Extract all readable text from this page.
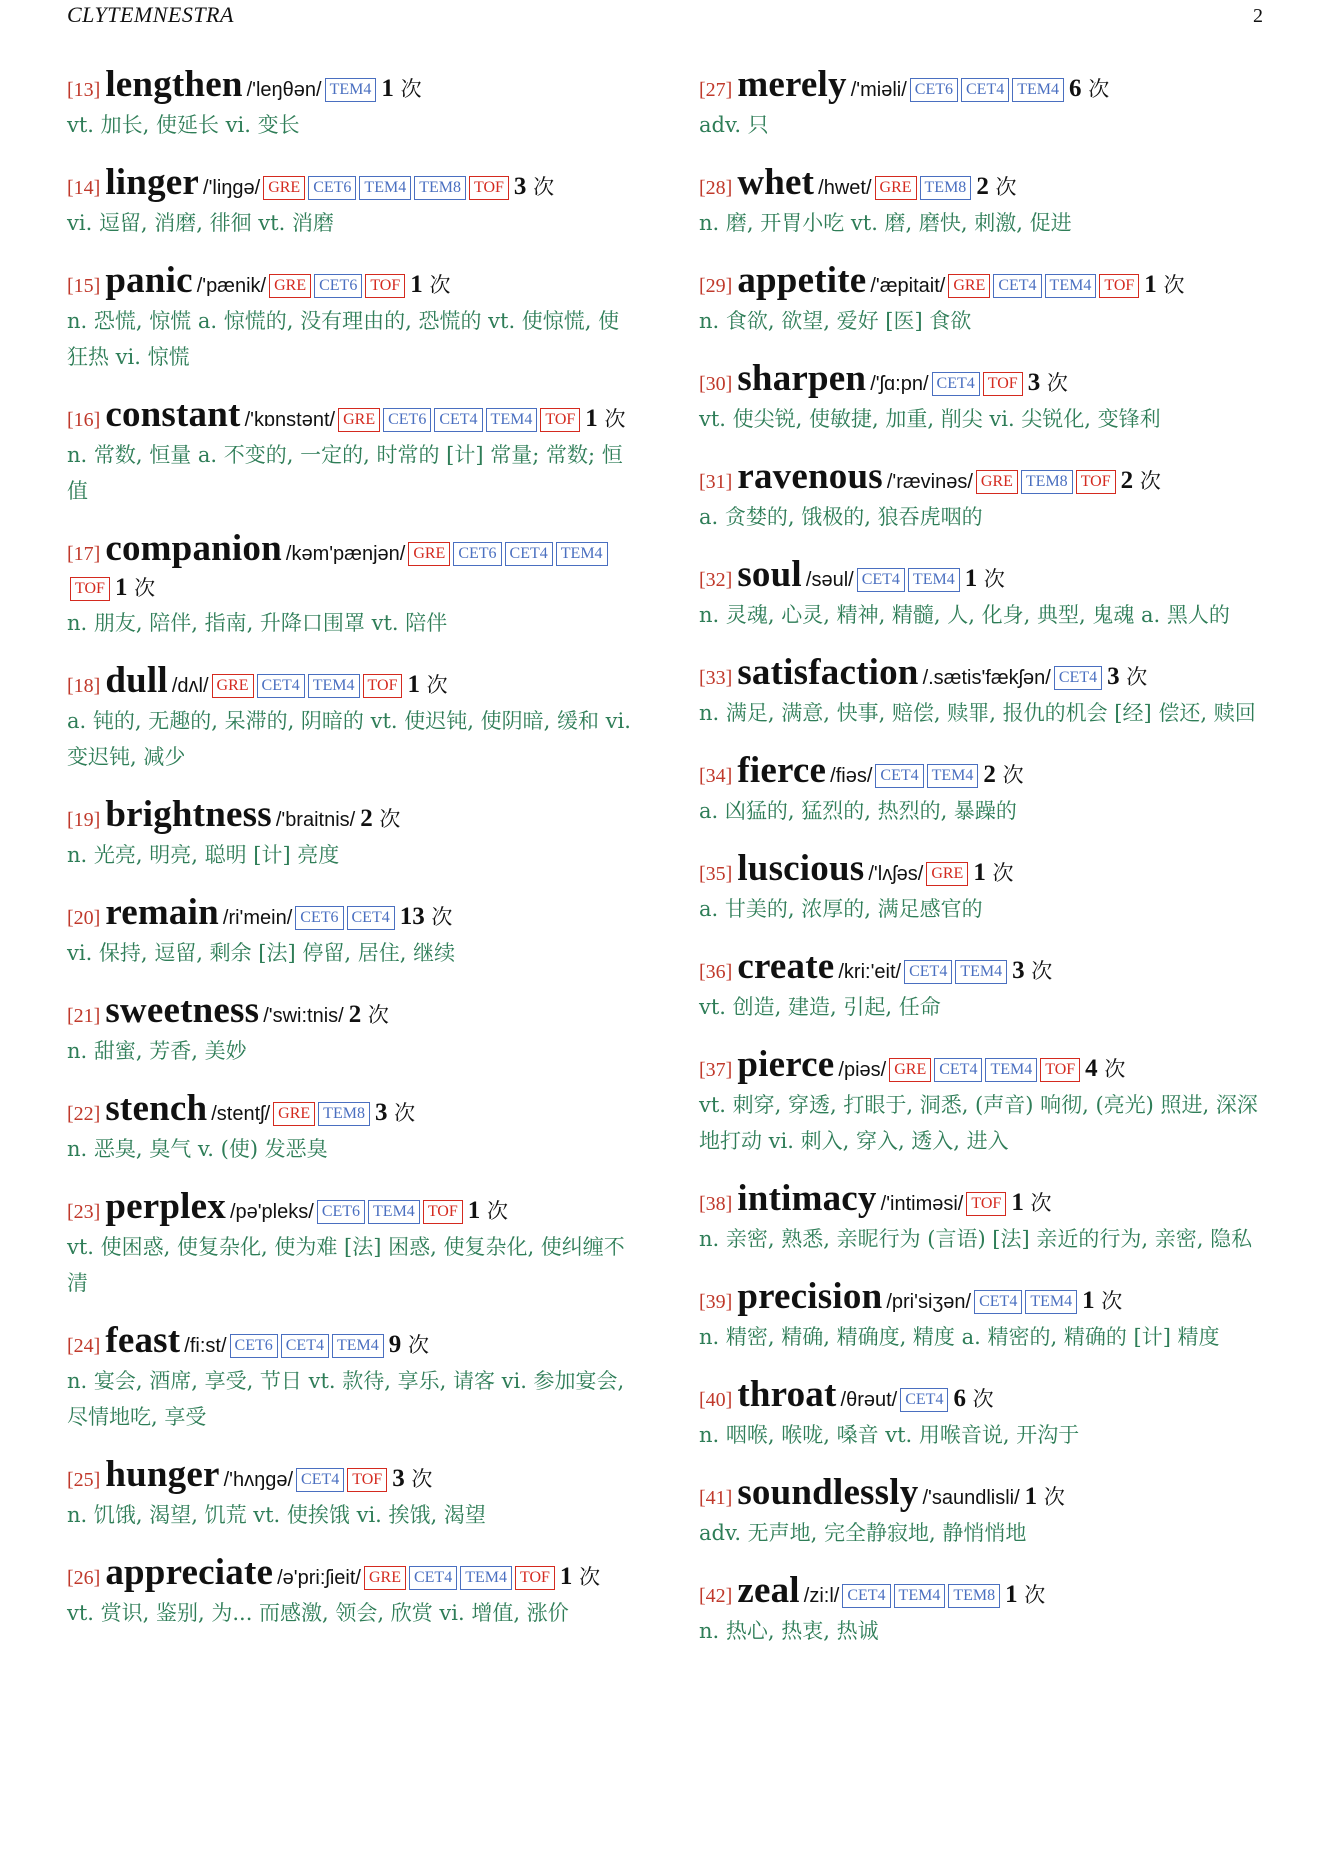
CLYTEMNESTRA	2
[13] lengthen /'leŋθən/ TEM4 1 次
vt. 加长, 使延长 vi. 变长
[14] linger /'liŋgə/ GRE CET6 TEM4 TEM8 TOF 3 次
vi. 逗留, 消磨, 徘徊 vt. 消磨
[15] panic /'pænik/ GRE CET6 TOF 1 次
n. 恐慌, 惊慌 a. 惊慌的, 没有理由的, 恐慌的 vt. 使惊慌, 使狂热 vi. 惊慌
[16] constant /'kɒnstənt/ GRE CET6 CET4 TEM4 TOF 1 次
n. 常数, 恒量 a. 不变的, 一定的, 时常的 [计] 常量; 常数; 恒值
[17] companion /kəm'pænjən/ GRE CET6 CET4 TEM4TOF 1 次
n. 朋友, 陪伴, 指南, 升降口围罩 vt. 陪伴
[18] dull /dʌl/ GRE CET4 TEM4 TOF 1 次
a. 钝的, 无趣的, 呆滞的, 阴暗的 vt. 使迟钝, 使阴暗, 缓和 vi. 变迟钝, 减少
[19] brightness /'braitnis/ 2 次
n. 光亮, 明亮, 聪明 [计] 亮度
[20] remain /ri'mein/ CET6 CET4 13 次
vi. 保持, 逗留, 剩余 [法] 停留, 居住, 继续
[21] sweetness /'swi:tnis/ 2 次
n. 甜蜜, 芳香, 美妙
[22] stench /stentʃ/ GRE TEM8 3 次
n. 恶臭, 臭气 v. (使) 发恶臭
[23] perplex /pə'pleks/ CET6 TEM4 TOF 1 次
vt. 使困惑, 使复杂化, 使为难 [法] 困惑, 使复杂化, 使纠缠不清
[24] feast /fi:st/ CET6 CET4 TEM4 9 次
n. 宴会, 酒席, 享受, 节日 vt. 款待, 享乐, 请客 vi. 参加宴会, 尽情地吃, 享受
[25] hunger /'hʌŋgə/ CET4 TOF 3 次
n. 饥饿, 渴望, 饥荒 vt. 使挨饿 vi. 挨饿, 渴望
[26] appreciate /ə'pri:ʃieit/ GRE CET4 TEM4 TOF 1 次
vt. 赏识, 鉴别, 为... 而感激, 领会, 欣赏 vi. 增值, 涨价
[27] merely /'miəli/ CET6 CET4 TEM4 6 次
adv. 只
[28] whet /hwet/ GRE TEM8 2 次
n. 磨, 开胃小吃 vt. 磨, 磨快, 刺激, 促进
[29] appetite /'æpitait/ GRE CET4 TEM4 TOF 1 次
n. 食欲, 欲望, 爱好 [医] 食欲
[30] sharpen /'ʃɑ:pn/ CET4 TOF 3 次
vt. 使尖锐, 使敏捷, 加重, 削尖 vi. 尖锐化, 变锋利
[31] ravenous /'rævinəs/ GRE TEM8 TOF 2 次
a. 贪婪的, 饿极的, 狼吞虎咽的
[32] soul /səul/ CET4 TEM4 1 次
n. 灵魂, 心灵, 精神, 精髓, 人, 化身, 典型, 鬼魂 a. 黑人的
[33] satisfaction /.sætis'fækʃən/ CET4 3 次
n. 满足, 满意, 快事, 赔偿, 赎罪, 报仇的机会 [经] 偿还, 赎回
[34] fierce /fiəs/ CET4 TEM4 2 次
a. 凶猛的, 猛烈的, 热烈的, 暴躁的
[35] luscious /'lʌʃəs/ GRE 1 次
a. 甘美的, 浓厚的, 满足感官的
[36] create /kri:'eit/ CET4 TEM4 3 次
vt. 创造, 建造, 引起, 任命
[37] pierce /piəs/ GRE CET4 TEM4 TOF 4 次
vt. 刺穿, 穿透, 打眼于, 洞悉, (声音) 响彻, (亮光) 照进, 深深地打动 vi. 刺入, 穿入, 透入, 进入
[38] intimacy /'intiməsi/ TOF 1 次
n. 亲密, 熟悉, 亲昵行为 (言语) [法] 亲近的行为, 亲密, 隐私
[39] precision /pri'siʒən/ CET4 TEM4 1 次
n. 精密, 精确, 精确度, 精度 a. 精密的, 精确的 [计] 精度
[40] throat /θrəut/ CET4 6 次
n. 咽喉, 喉咙, 嗓音 vt. 用喉音说, 开沟于
[41] soundlessly /'saundlisli/ 1 次
adv. 无声地, 完全静寂地, 静悄悄地
[42] zeal /zi:l/ CET4 TEM4 TEM8 1 次
n. 热心, 热衷, 热诚
